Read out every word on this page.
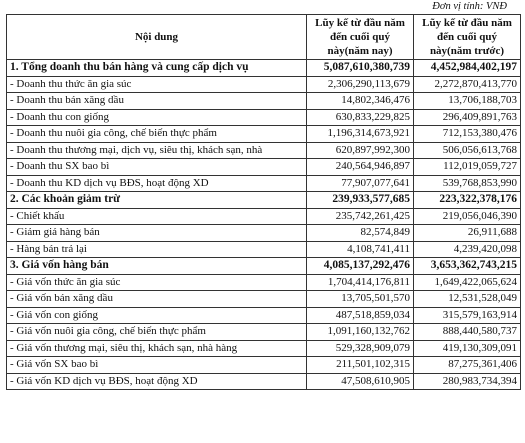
Đơn vị tính: VNĐ
Nội dung	Lũy kế từ đầu năm đến cuối quý này(năm nay)	Lũy kế từ đầu năm đến cuối quý này(năm trước)
1. Tổng doanh thu bán hàng và cung cấp dịch vụ	5,087,610,380,739	4,452,984,402,197
- Doanh thu thức ăn gia súc	2,306,290,113,679	2,272,870,413,770
- Doanh thu bán xăng dầu	14,802,346,476	13,706,188,703
- Doanh thu con giống	630,833,229,825	296,409,891,763
- Doanh thu nuôi gia công, chế biến thực phẩm	1,196,314,673,921	712,153,380,476
- Doanh thu thương mại, dịch vụ, siêu thị, khách sạn, nhà	620,897,992,300	506,056,613,768
- Doanh thu SX bao bì	240,564,946,897	112,019,059,727
- Doanh thu KD dịch vụ BĐS, hoạt động XD	77,907,077,641	539,768,853,990
2. Các khoản giảm trừ	239,933,577,685	223,322,378,176
- Chiết khấu	235,742,261,425	219,056,046,390
- Giảm giá hàng bán	82,574,849	26,911,688
- Hàng bán trả lại	4,108,741,411	4,239,420,098
3. Giá vốn hàng bán	4,085,137,292,476	3,653,362,743,215
- Giá vốn thức ăn gia súc	1,704,414,176,811	1,649,422,065,624
- Giá vốn bán xăng dầu	13,705,501,570	12,531,528,049
- Giá vốn con giống	487,518,859,034	315,579,163,914
- Giá vốn nuôi gia công, chế biến thực phẩm	1,091,160,132,762	888,440,580,737
- Giá vốn thương mại, siêu thị, khách sạn, nhà hàng	529,328,909,079	419,130,309,091
- Giá vốn SX bao bì	211,501,102,315	87,275,361,406
- Giá vốn KD dịch vụ BĐS, hoạt động XD	47,508,610,905	280,983,734,394
